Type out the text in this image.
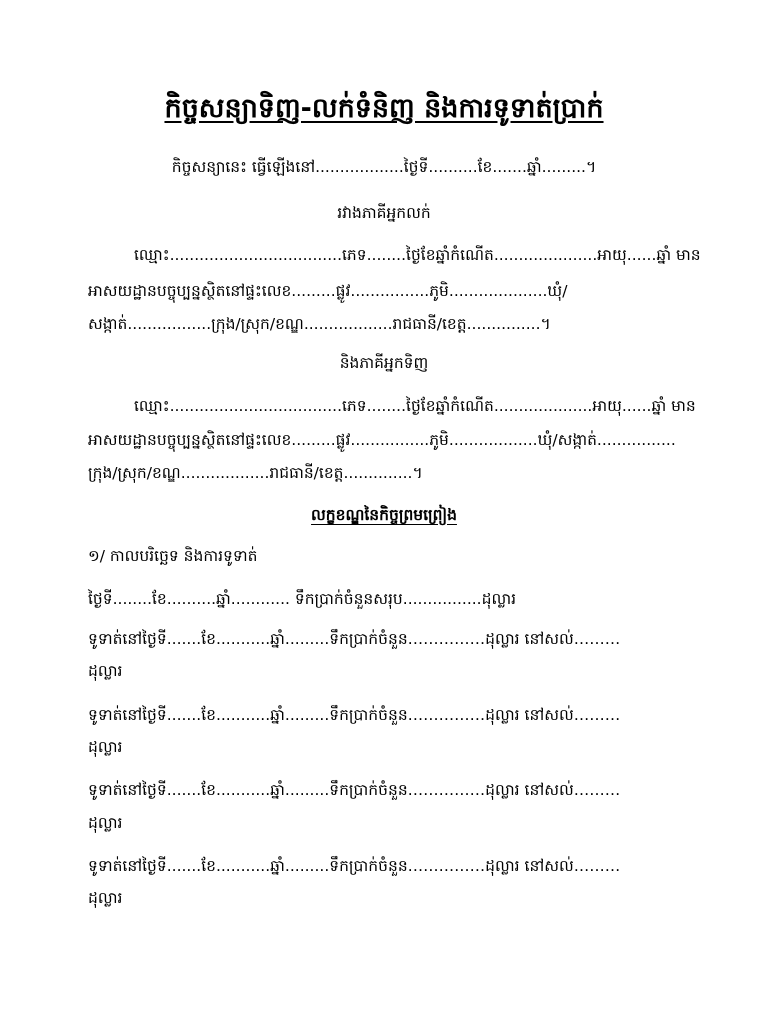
កិច្ចសន្យាទិញ-លក់ទំនិញ និងការទូទាត់ប្រាក់
កិច្ចសន្យានេះ ធ្វើឡើងនៅ..................ថ្ងៃទី..........ខែ.......ឆ្នាំ.........។
រវាងភាគីអ្នកលក់
ឈ្មោះ...................................ភេទ........ថ្ងៃខែឆ្នាំកំណើត.....................អាយុ......ឆ្នាំ មាន
អាសយដ្ឋានបច្ចុប្បន្នស្ថិតនៅផ្ទះលេខ.........ផ្លូវ................ភូមិ....................ឃុំ/
សង្កាត់.................ក្រុង/ស្រុក/ខណ្ឌ..................រាជធានី/ខេត្ត...............។
និងភាគីអ្នកទិញ
ឈ្មោះ...................................ភេទ........ថ្ងៃខែឆ្នាំកំណើត....................អាយុ......ឆ្នាំ មាន
អាសយដ្ឋានបច្ចុប្បន្នស្ថិតនៅផ្ទះលេខ.........ផ្លូវ................ភូមិ..................ឃុំ/សង្កាត់................
ក្រុង/ស្រុក/ខណ្ឌ..................រាជធានី/ខេត្ត..............។
លក្ខខណ្ឌនៃកិច្ចព្រមព្រៀង
១/ កាលបរិច្ឆេទ និងការទូទាត់
ថ្ងៃទី........ខែ..........ឆ្នាំ............ ទឹកប្រាក់ចំនួនសរុប................ដុល្លារ
ទូទាត់នៅថ្ងៃទី.......ខែ...........ឆ្នាំ.........ទឹកប្រាក់ចំនួន……………ដុល្លារ នៅសល់………
ដុល្លារ
ទូទាត់នៅថ្ងៃទី.......ខែ...........ឆ្នាំ.........ទឹកប្រាក់ចំនួន……………ដុល្លារ នៅសល់………
ដុល្លារ
ទូទាត់នៅថ្ងៃទី.......ខែ...........ឆ្នាំ.........ទឹកប្រាក់ចំនួន……………ដុល្លារ នៅសល់………
ដុល្លារ
ទូទាត់នៅថ្ងៃទី.......ខែ...........ឆ្នាំ.........ទឹកប្រាក់ចំនួន……………ដុល្លារ នៅសល់………
ដុល្លារ
